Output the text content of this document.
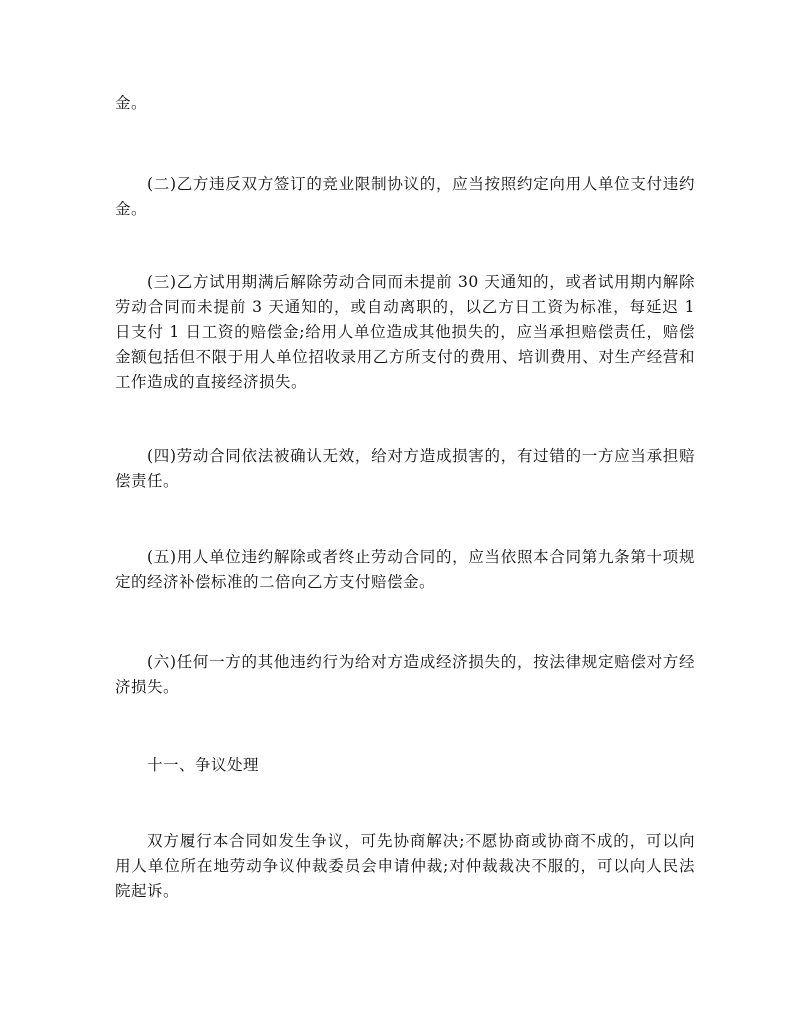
金。

(二)乙方违反双方签订的竞业限制协议的，应当按照约定向用人单位支付违约金。

(三)乙方试用期满后解除劳动合同而未提前 30 天通知的，或者试用期内解除劳动合同而未提前 3 天通知的，或自动离职的，以乙方日工资为标准，每延迟 1 日支付 1 日工资的赔偿金;给用人单位造成其他损失的，应当承担赔偿责任，赔偿金额包括但不限于用人单位招收录用乙方所支付的费用、培训费用、对生产经营和工作造成的直接经济损失。

(四)劳动合同依法被确认无效，给对方造成损害的，有过错的一方应当承担赔偿责任。

(五)用人单位违约解除或者终止劳动合同的，应当依照本合同第九条第十项规定的经济补偿标准的二倍向乙方支付赔偿金。

(六)任何一方的其他违约行为给对方造成经济损失的，按法律规定赔偿对方经济损失。

十一、争议处理

双方履行本合同如发生争议，可先协商解决;不愿协商或协商不成的，可以向用人单位所在地劳动争议仲裁委员会申请仲裁;对仲裁裁决不服的，可以向人民法院起诉。
